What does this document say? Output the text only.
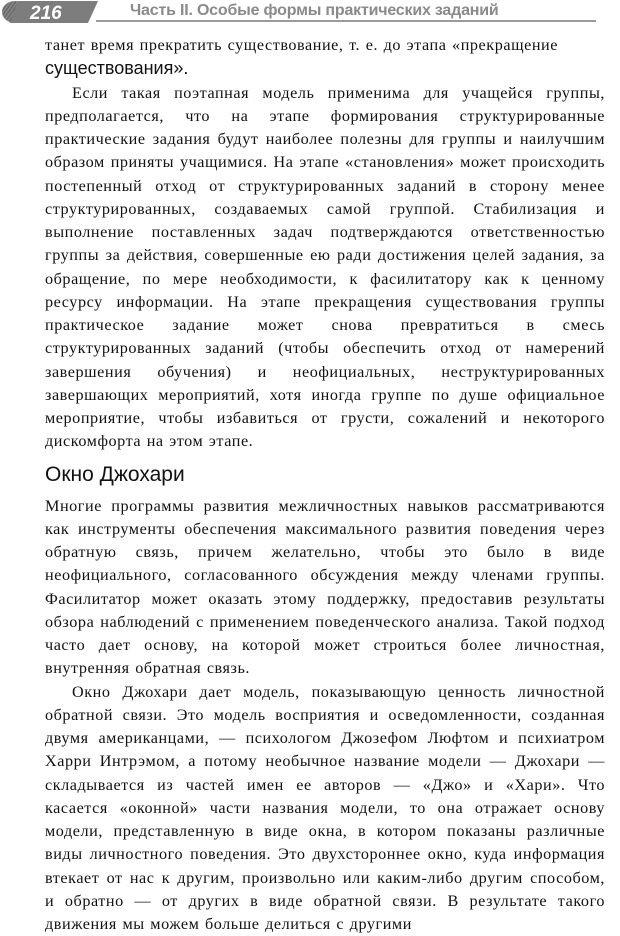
216	Часть II. Особые формы практических заданий

танет время прекратить существование, т. е. до этапа «прекращение
существования».

Если такая поэтапная модель применима для учащейся группы, предполагается, что на этапе формирования структурированные практические задания будут наиболее полезны для группы и наилучшим образом приняты учащимися. На этапе «становления» может происходить постепенный отход от структурированных заданий в сторону менее структурированных, создаваемых самой группой. Стабилизация и выполнение поставленных задач подтверждаются ответственностью группы за действия, совершенные ею ради достижения целей задания, за обращение, по мере необходимости, к фасилитатору как к ценному ресурсу информации. На этапе прекращения существования группы практическое задание может снова превратиться в смесь структурированных заданий (чтобы обеспечить отход от намерений завершения обучения) и неофициальных, неструктурированных завершающих мероприятий, хотя иногда группе по душе официальное мероприятие, чтобы избавиться от грусти, сожалений и некоторого дискомфорта на этом этапе.

Окно Джохари

Многие программы развития межличностных навыков рассматриваются как инструменты обеспечения максимального развития поведения через обратную связь, причем желательно, чтобы это было в виде неофициального, согласованного обсуждения между членами группы. Фасилитатор может оказать этому поддержку, предоставив результаты обзора наблюдений с применением поведенческого анализа. Такой подход часто дает основу, на которой может строиться более личностная, внутренняя обратная связь.

Окно Джохари дает модель, показывающую ценность личностной обратной связи. Это модель восприятия и осведомленности, созданная двумя американцами, — психологом Джозефом Люфтом и психиатром Харри Интрэмом, а потому необычное название модели — Джохари — складывается из частей имен ее авторов — «Джо» и «Хари». Что касается «оконной» части названия модели, то она отражает основу модели, представленную в виде окна, в котором показаны различные виды личностного поведения. Это двухстороннее окно, куда информация втекает от нас к другим, произвольно или каким-либо другим способом, и обратно — от других в виде обратной связи. В результате такого движения мы можем больше делиться с другими
